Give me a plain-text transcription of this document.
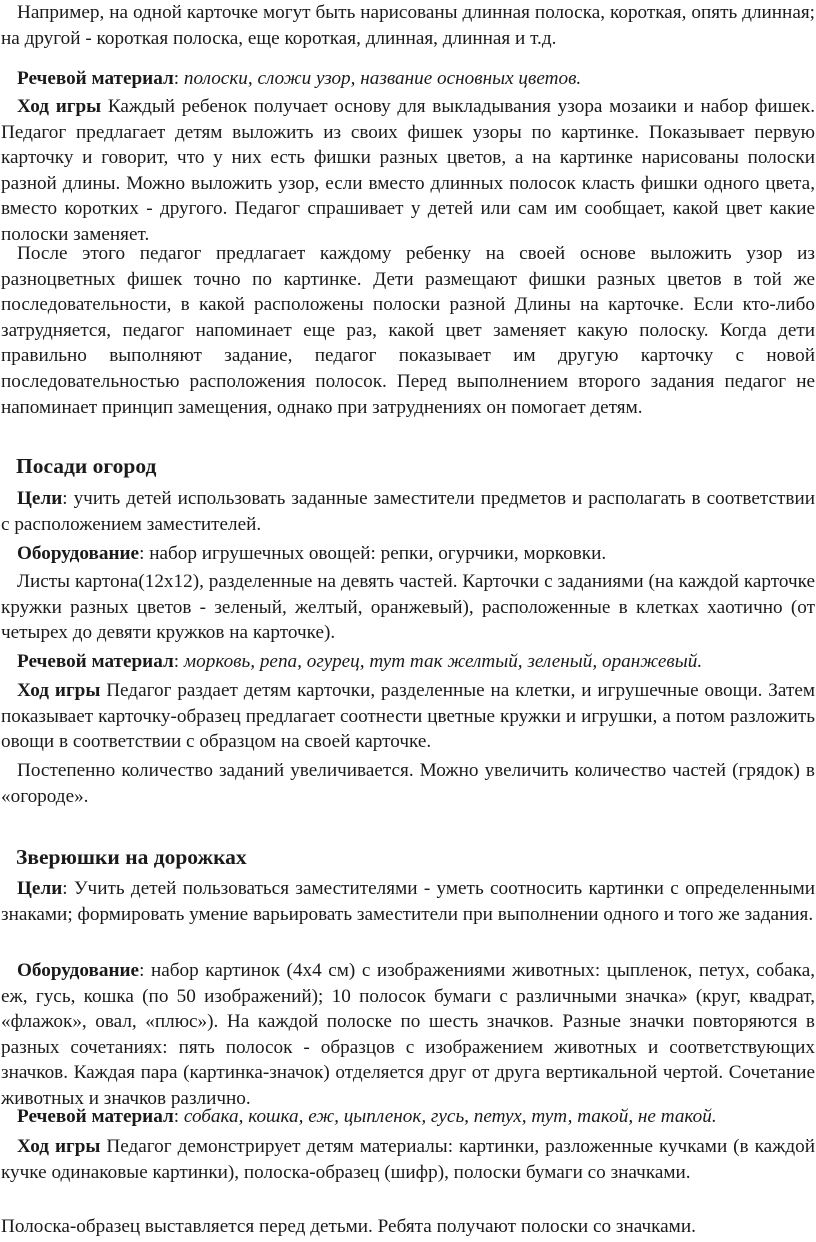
Например, на одной карточке могут быть нарисованы длинная полоска, короткая, опять длинная; на другой - короткая полоска, еще короткая, длинная, длинная и т.д.

Речевой материал: полоски, сложи узор, название основных цветов.

Ход игры Каждый ребенок получает основу для выкладывания узора мозаики и набор фишек. Педагог предлагает детям выложить из своих фишек узоры по картинке. Показывает первую карточку и говорит, что у них есть фишки разных цветов, а на картинке нарисованы полоски разной длины. Можно выложить узор, если вместо длинных полосок класть фишки одного цвета, вместо коротких - другого. Педагог спрашивает у детей или сам им сообщает, какой цвет какие полоски заменяет.

После этого педагог предлагает каждому ребенку на своей основе выложить узор из разноцветных фишек точно по картинке. Дети размещают фишки разных цветов в той же последовательности, в какой расположены полоски разной Длины на карточке. Если кто-либо затрудняется, педагог напоминает еще раз, какой цвет заменяет какую полоску. Когда дети правильно выполняют задание, педагог показывает им другую карточку с новой последовательностью расположения полосок. Перед выполнением второго задания педагог не напоминает принцип замещения, однако при затруднениях он помогает детям.

Посади огород

Цели: учить детей использовать заданные заместители предметов и располагать в соответствии с расположением заместителей.

Оборудование: набор игрушечных овощей: репки, огурчики, морковки.

Листы картона(12х12), разделенные на девять частей. Карточки с заданиями (на каждой карточке кружки разных цветов - зеленый, желтый, оранжевый), расположенные в клетках хаотично (от четырех до девяти кружков на карточке).

Речевой материал: морковь, репа, огурец, тут так желтый, зеленый, оранжевый.

Ход игры Педагог раздает детям карточки, разделенные на клетки, и игрушечные овощи. Затем показывает карточку-образец предлагает соотнести цветные кружки и игрушки, а потом разложить овощи в соответствии с образцом на своей карточке.

Постепенно количество заданий увеличивается. Можно увеличить количество частей (грядок) в «огороде».

Зверюшки на дорожках

Цели: Учить детей пользоваться заместителями - уметь соотносить картинки с определенными знаками; формировать умение варьировать заместители при выполнении одного и того же задания.

Оборудование: набор картинок (4х4 см) с изображениями животных: цыпленок, петух, собака, еж, гусь, кошка (по 50 изображений); 10 полосок бумаги с различными значка» (круг, квадрат, «флажок», овал, «плюс»). На каждой полоске по шесть значков. Разные значки повторяются в разных сочетаниях: пять полосок - образцов с изображением животных и соответствующих значков. Каждая пара (картинка-значок) отделяется друг от друга вертикальной чертой. Сочетание животных и значков различно.

Речевой материал: собака, кошка, еж, цыпленок, гусь, петух, тут, такой, не такой.

Ход игры Педагог демонстрирует детям материалы: картинки, разложенные кучками (в каждой кучке одинаковые картинки), полоска-образец (шифр), полоски бумаги со значками.

Полоска-образец выставляется перед детьми. Ребята получают полоски со значками.
